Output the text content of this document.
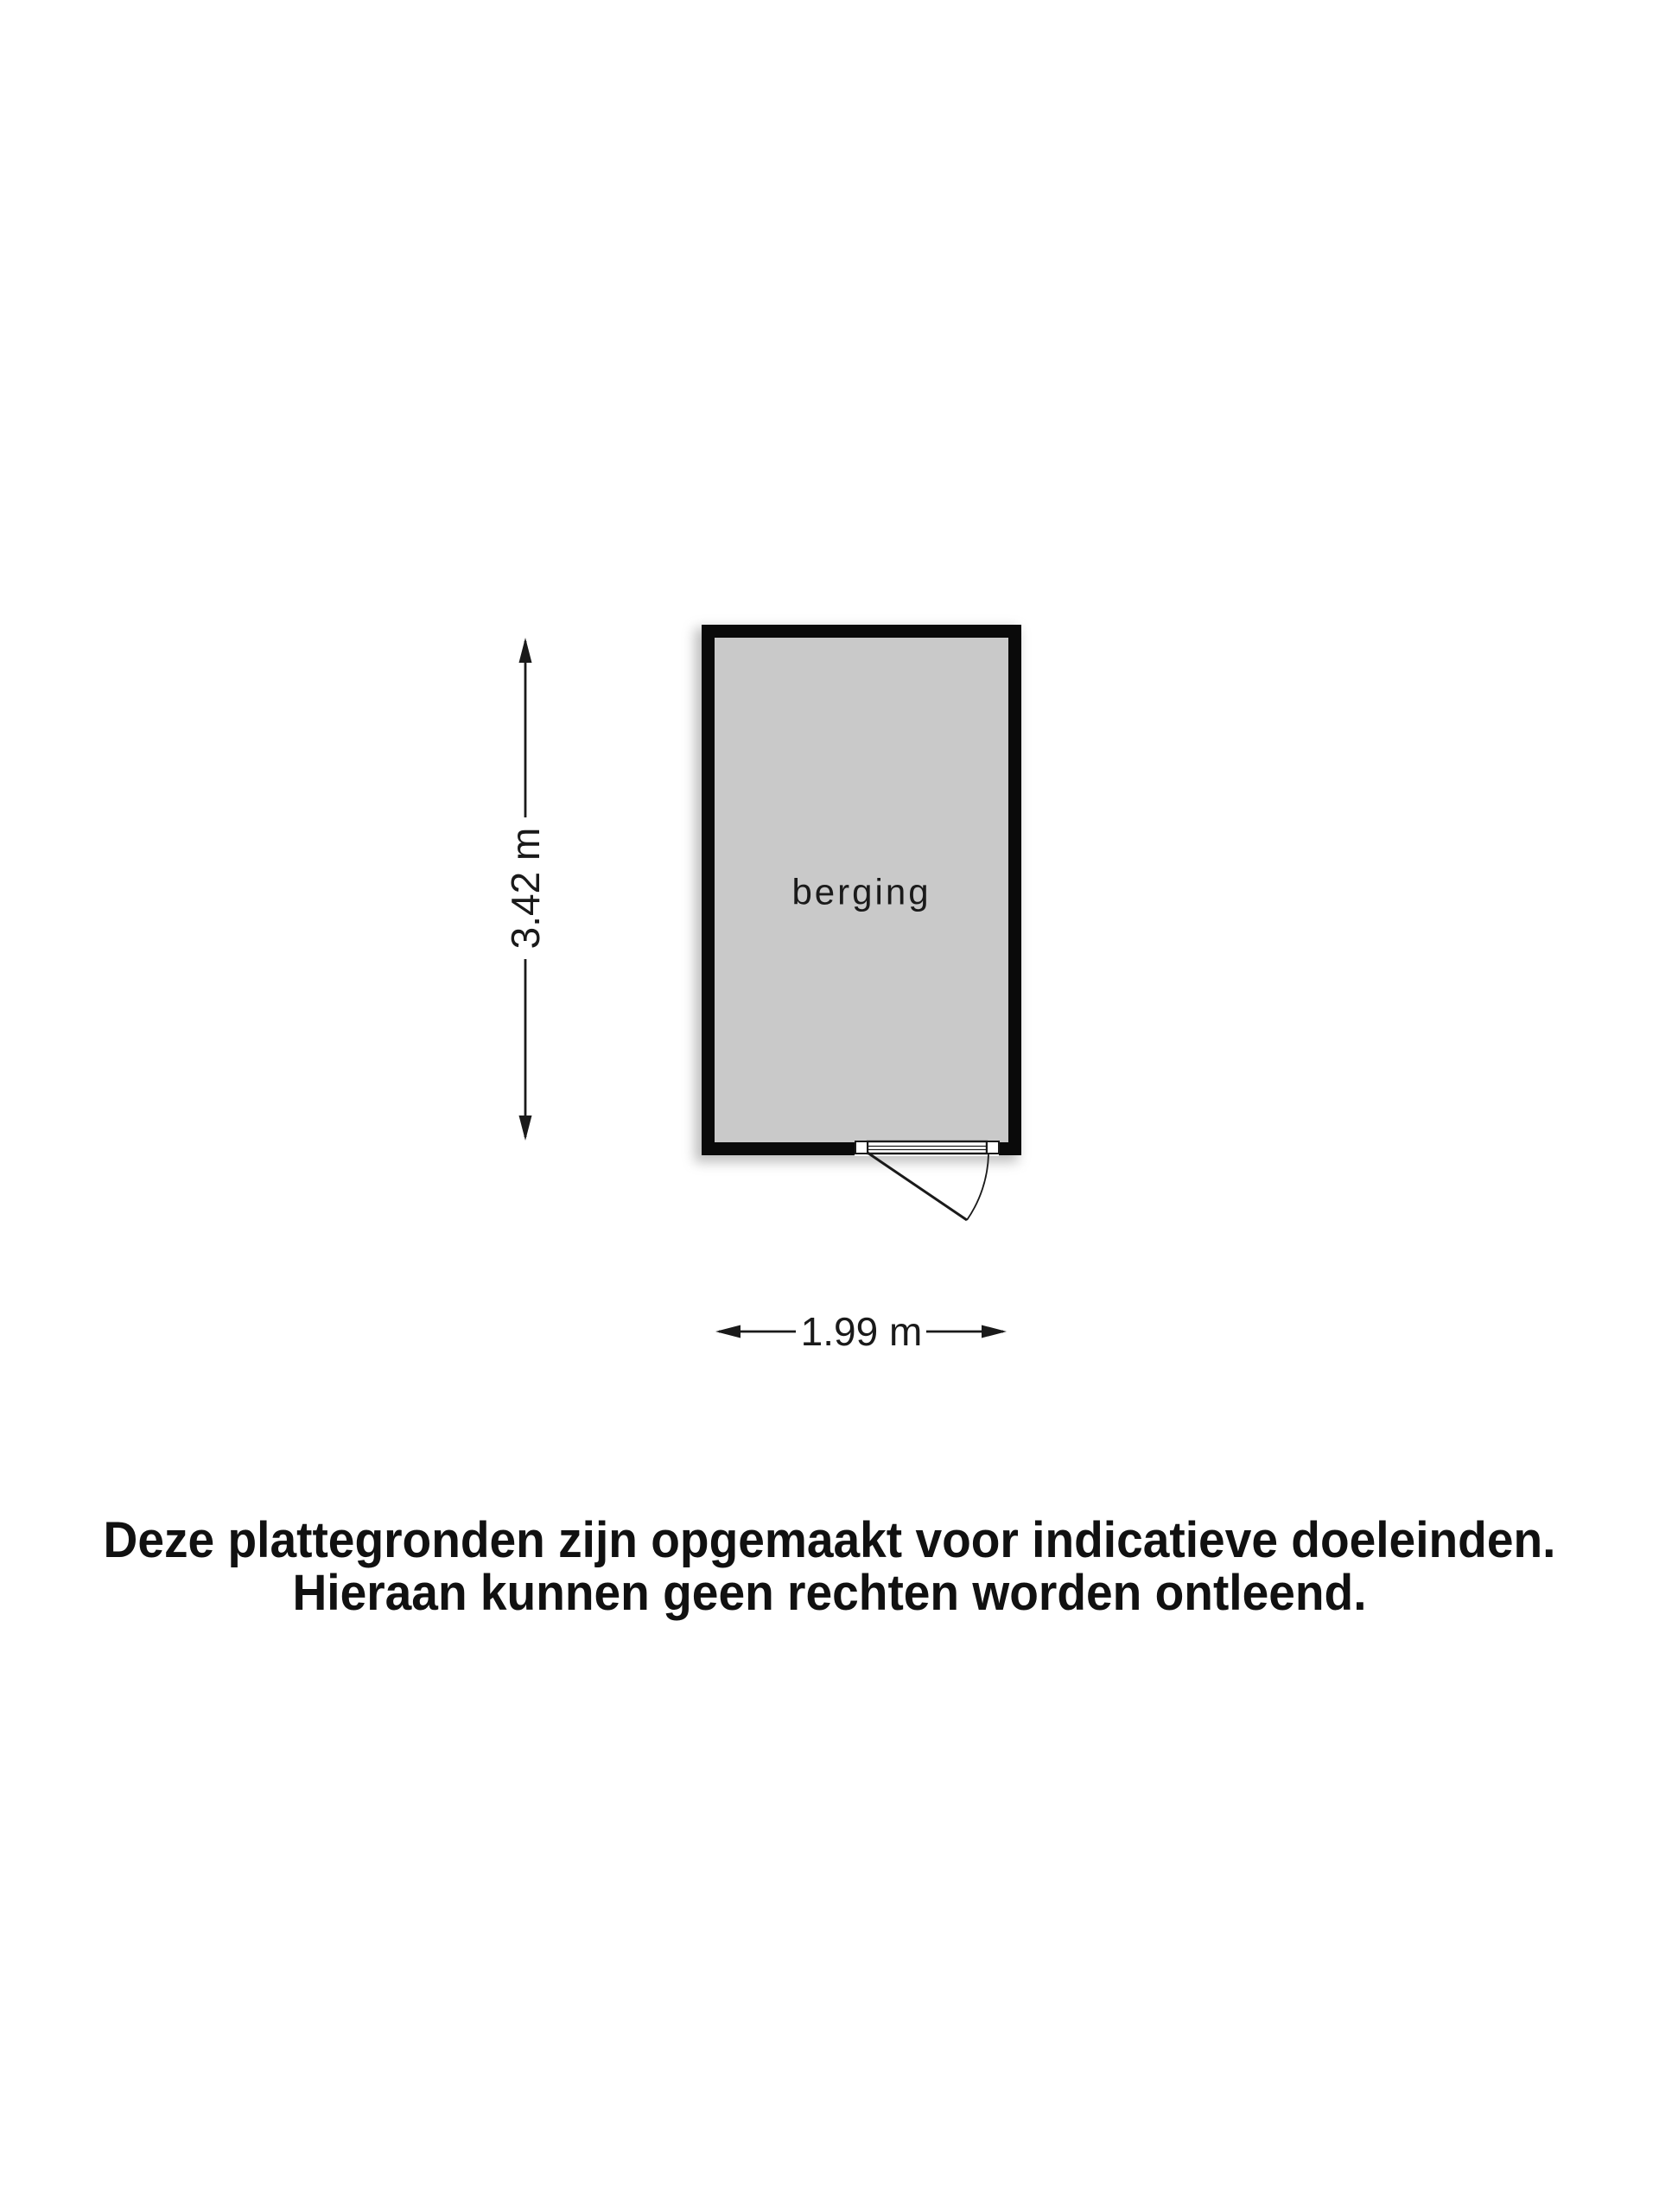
3.42 m
1.99 m
berging
Deze plattegronden zijn opgemaakt voor indicatieve doeleinden.
Hieraan kunnen geen rechten worden ontleend.
